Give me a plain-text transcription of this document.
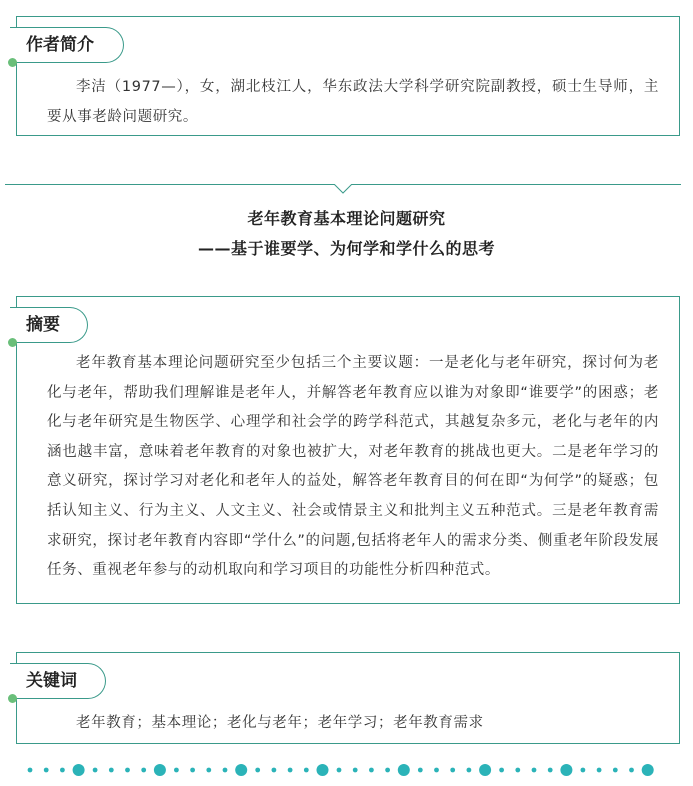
作者简介
李洁（1977—），女，湖北枝江人，华东政法大学科学研究院副教授，硕士生导师，主要从事老龄问题研究。
老年教育基本理论问题研究
——基于谁要学、为何学和学什么的思考
摘要
老年教育基本理论问题研究至少包括三个主要议题：一是老化与老年研究，探讨何为老化与老年，帮助我们理解谁是老年人，并解答老年教育应以谁为对象即“谁要学”的困惑；老化与老年研究是生物医学、心理学和社会学的跨学科范式，其越复杂多元，老化与老年的内涵也越丰富，意味着老年教育的对象也被扩大，对老年教育的挑战也更大。二是老年学习的意义研究，探讨学习对老化和老年人的益处，解答老年教育目的何在即“为何学”的疑惑；包括认知主义、行为主义、人文主义、社会或情景主义和批判主义五种范式。三是老年教育需求研究，探讨老年教育内容即“学什么”的问题,包括将老年人的需求分类、侧重老年阶段发展任务、重视老年参与的动机取向和学习项目的功能性分析四种范式。
关键词
老年教育；基本理论；老化与老年；老年学习；老年教育需求
